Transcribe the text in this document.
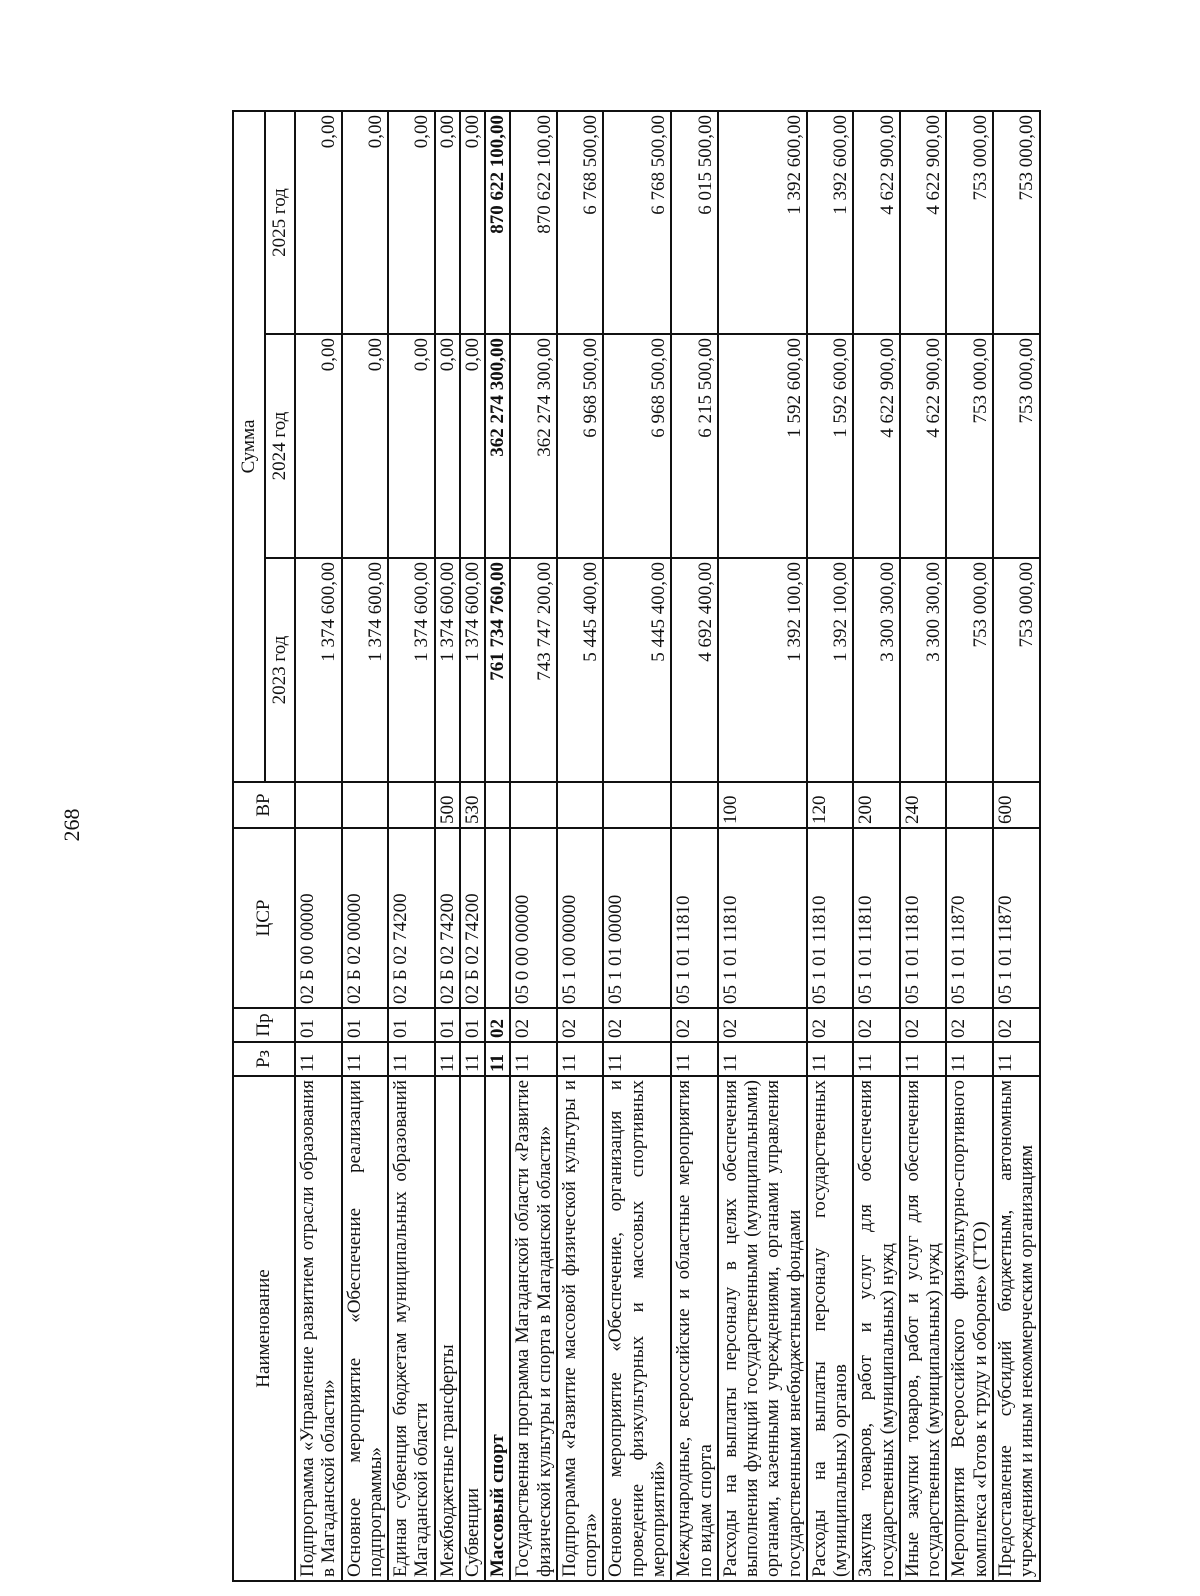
268
Наименование	Рз	Пр	ЦСР	ВР	Сумма		
					2023 год	2024 год	2025 год
Подпрограмма «Управление развитием отрасли образования в Магаданской области»	11	01	02 Б 00 00000		1 374 600,00	0,00	0,00
Основное мероприятие «Обеспечение реализации подпрограммы»	11	01	02 Б 02 00000		1 374 600,00	0,00	0,00
Единая субвенция бюджетам муниципальных образований Магаданской области	11	01	02 Б 02 74200		1 374 600,00	0,00	0,00
Межбюджетные трансферты	11	01	02 Б 02 74200	500	1 374 600,00	0,00	0,00
Субвенции	11	01	02 Б 02 74200	530	1 374 600,00	0,00	0,00
Массовый спорт	11	02			761 734 760,00	362 274 300,00	870 622 100,00
Государственная программа Магаданской области «Развитие физической культуры и спорта в Магаданской области»	11	02	05 0 00 00000		743 747 200,00	362 274 300,00	870 622 100,00
Подпрограмма «Развитие массовой физической культуры и спорта»	11	02	05 1 00 00000		5 445 400,00	6 968 500,00	6 768 500,00
Основное мероприятие «Обеспечение, организация и проведение физкультурных и массовых спортивных мероприятий»	11	02	05 1 01 00000		5 445 400,00	6 968 500,00	6 768 500,00
Международные, всероссийские и областные мероприятия по видам спорта	11	02	05 1 01 11810		4 692 400,00	6 215 500,00	6 015 500,00
Расходы на выплаты персоналу в целях обеспечения выполнения функций государственными (муниципальными) органами, казенными учреждениями, органами управления государственными внебюджетными фондами	11	02	05 1 01 11810	100	1 392 100,00	1 592 600,00	1 392 600,00
Расходы на выплаты персоналу государственных (муниципальных) органов	11	02	05 1 01 11810	120	1 392 100,00	1 592 600,00	1 392 600,00
Закупка товаров, работ и услуг для обеспечения государственных (муниципальных) нужд	11	02	05 1 01 11810	200	3 300 300,00	4 622 900,00	4 622 900,00
Иные закупки товаров, работ и услуг для обеспечения государственных (муниципальных) нужд	11	02	05 1 01 11810	240	3 300 300,00	4 622 900,00	4 622 900,00
Мероприятия Всероссийского физкультурно-спортивного комплекса «Готов к труду и обороне» (ГТО)	11	02	05 1 01 11870		753 000,00	753 000,00	753 000,00
Предоставление субсидий бюджетным, автономным учреждениям и иным некоммерческим организациям	11	02	05 1 01 11870	600	753 000,00	753 000,00	753 000,00
